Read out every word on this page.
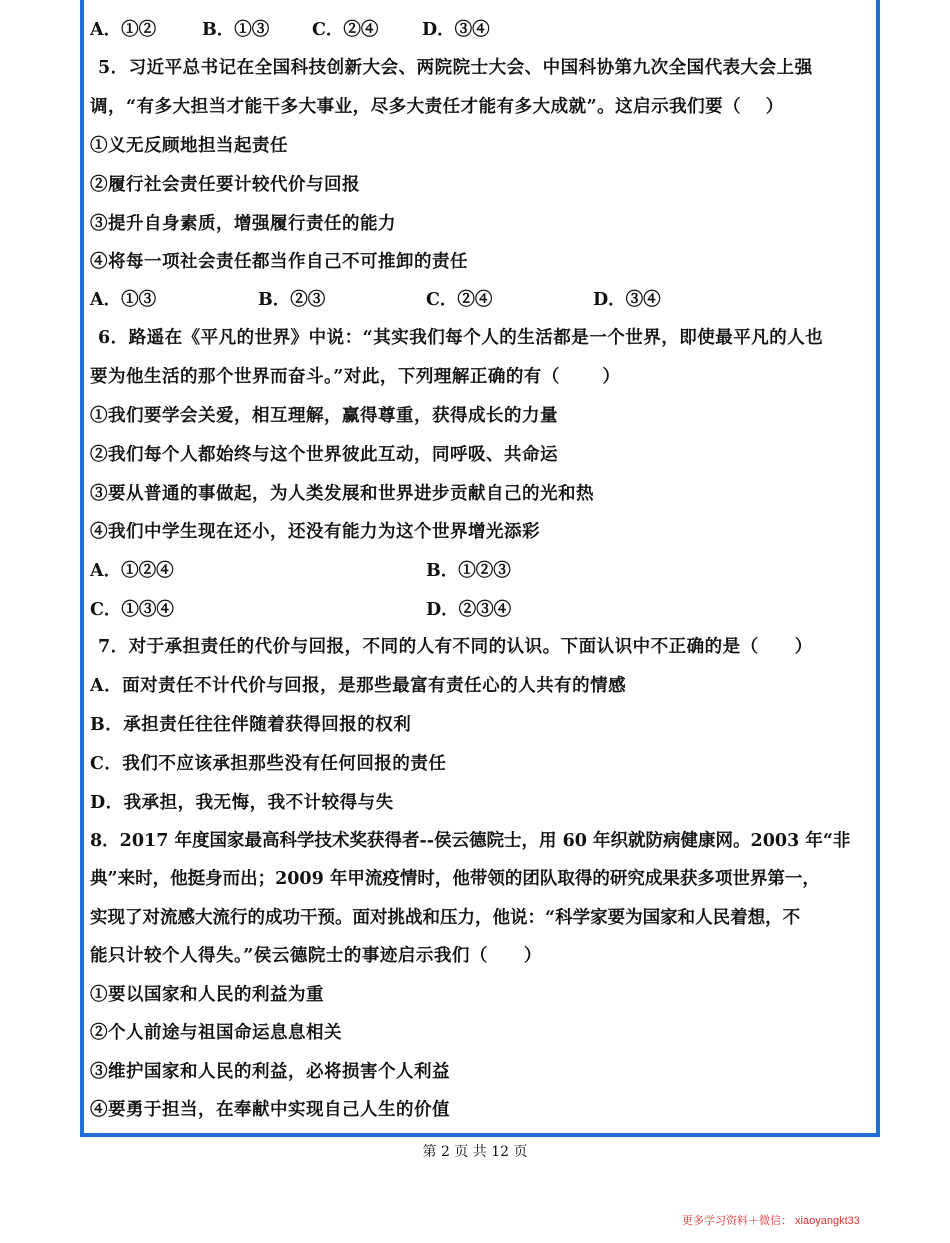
A．①②	B．①③ C．②④ D．③④
5．习近平总书记在全国科技创新大会、两院院士大会、中国科协第九次全国代表大会上强
调，“有多大担当才能干多大事业，尽多大责任才能有多大成就”。这启示我们要（　 ）
①义无反顾地担当起责任
②履行社会责任要计较代价与回报
③提升自身素质，增强履行责任的能力
④将每一项社会责任都当作自己不可推卸的责任
A．①③	B．②③	C．②④	D．③④
6．路遥在《平凡的世界》中说：“其实我们每个人的生活都是一个世界，即使最平凡的人也
要为他生活的那个世界而奋斗。”对此，下列理解正确的有（　　 ）
①我们要学会关爱，相互理解，赢得尊重，获得成长的力量
②我们每个人都始终与这个世界彼此互动，同呼吸、共命运
③要从普通的事做起，为人类发展和世界进步贡献自己的光和热
④我们中学生现在还小，还没有能力为这个世界增光添彩
A．①②④	B．①②③
C．①③④	D．②③④
7．对于承担责任的代价与回报，不同的人有不同的认识。下面认识中不正确的是（　　）
A．面对责任不计代价与回报，是那些最富有责任心的人共有的情感
B．承担责任往往伴随着获得回报的权利
C．我们不应该承担那些没有任何回报的责任
D．我承担，我无悔，我不计较得与失
8．2017 年度国家最高科学技术奖获得者--侯云德院士，用 60 年织就防病健康网。2003 年“非
典”来时，他挺身而出；2009 年甲流疫情时，他带领的团队取得的研究成果获多项世界第一，
实现了对流感大流行的成功干预。面对挑战和压力，他说：“科学家要为国家和人民着想，不
能只计较个人得失。”侯云德院士的事迹启示我们（　　）
①要以国家和人民的利益为重
②个人前途与祖国命运息息相关
③维护国家和人民的利益，必将损害个人利益
④要勇于担当，在奉献中实现自己人生的价值
第 2 页 共 12 页
更多学习资料＋微信： xiaoyangkt33
